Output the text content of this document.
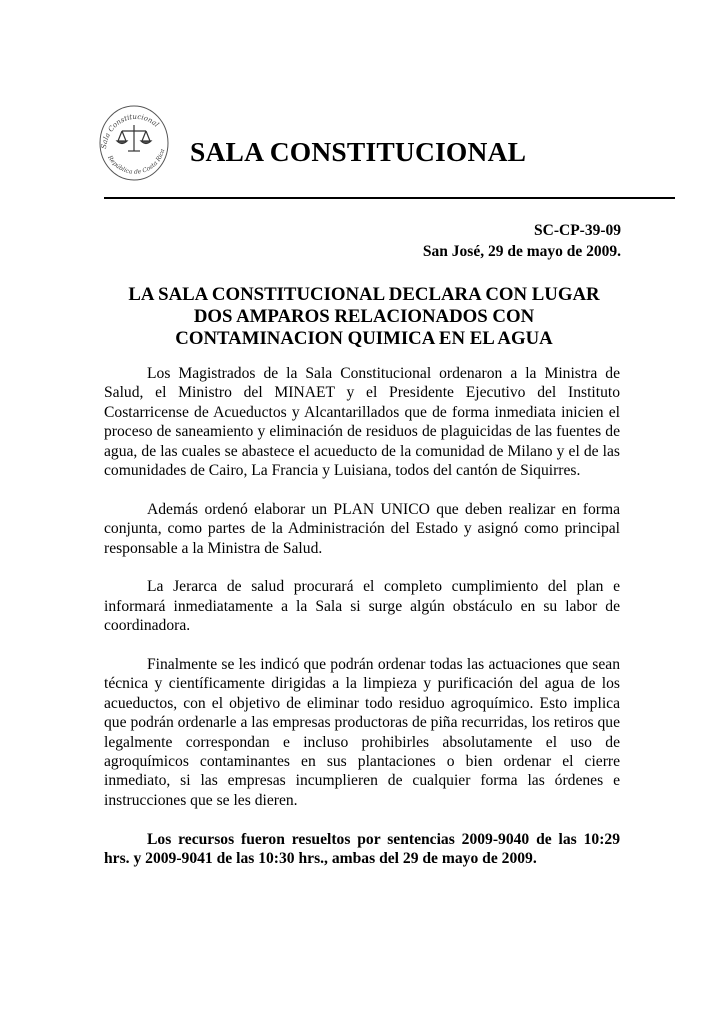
Sala Constitucional
República de Costa Rica SALA CONSTITUCIONAL
SC-CP-39-09
San José, 29 de mayo de 2009.
LA SALA CONSTITUCIONAL DECLARA CON LUGAR
DOS AMPAROS RELACIONADOS CON
CONTAMINACION QUIMICA EN EL AGUA

Los Magistrados de la Sala Constitucional ordenaron a la Ministra de Salud, el Ministro del MINAET y el Presidente Ejecutivo del Instituto Costarricense de Acueductos y Alcantarillados que de forma inmediata inicien el proceso de saneamiento y eliminación de residuos de plaguicidas de las fuentes de agua, de las cuales se abastece el acueducto de la comunidad de Milano y el de las comunidades de Cairo, La Francia y Luisiana, todos del cantón de Siquirres.

Además ordenó elaborar un PLAN UNICO que deben realizar en forma conjunta, como partes de la Administración del Estado y asignó como principal responsable a la Ministra de Salud.

La Jerarca de salud procurará el completo cumplimiento del plan e informará inmediatamente a la Sala si surge algún obstáculo en su labor de coordinadora.

Finalmente se les indicó que podrán ordenar todas las actuaciones que sean técnica y científicamente dirigidas a la limpieza y purificación del agua de los acueductos, con el objetivo de eliminar todo residuo agroquímico. Esto implica que podrán ordenarle a las empresas productoras de piña recurridas, los retiros que legalmente correspondan e incluso prohibirles absolutamente el uso de agroquímicos contaminantes en sus plantaciones o bien ordenar el cierre inmediato, si las empresas incumplieren de cualquier forma las órdenes e instrucciones que se les dieren.

Los recursos fueron resueltos por sentencias 2009-9040 de las 10:29 hrs. y 2009-9041 de las 10:30 hrs., ambas del 29 de mayo de 2009.
